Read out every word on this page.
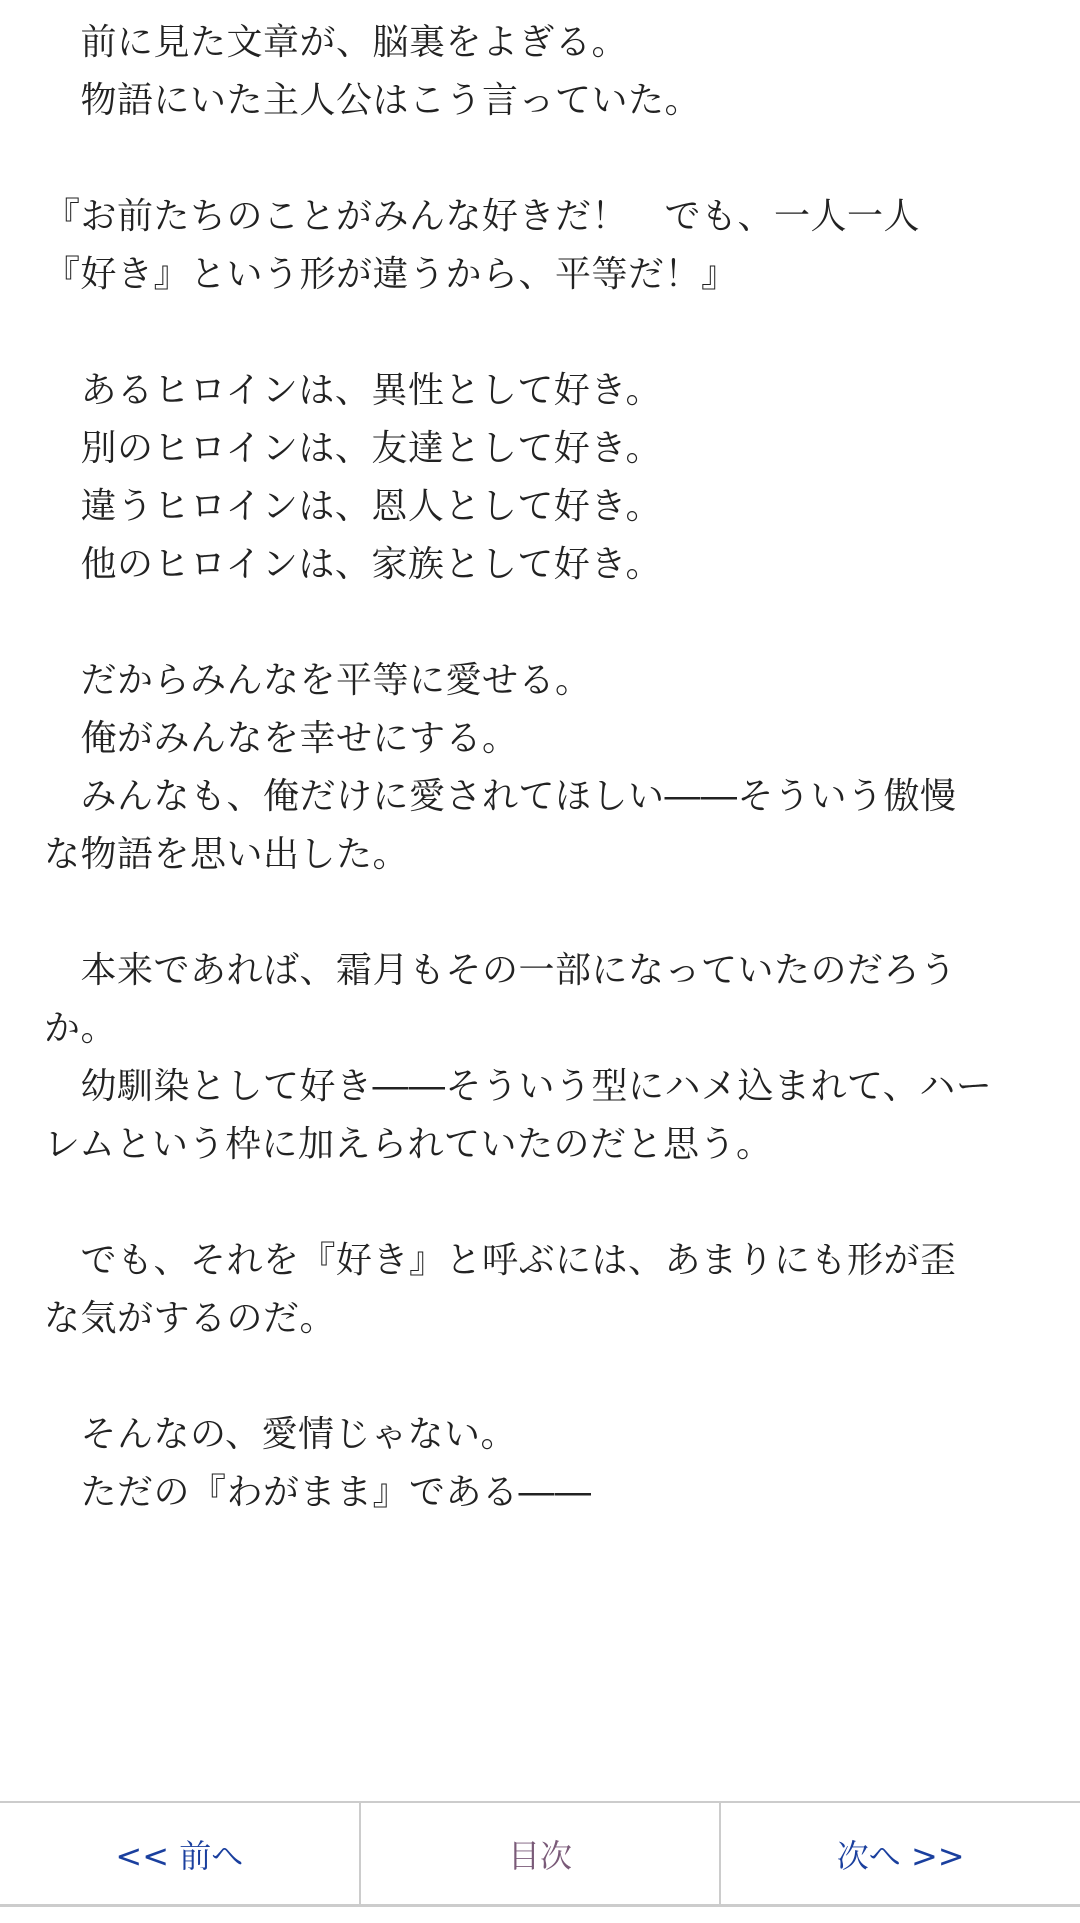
　前に見た文章が、脳裏をよぎる。
　物語にいた主人公はこう言っていた。
『お前たちのことがみんな好きだ！　でも、一人一人
『好き』という形が違うから、平等だ！』
　あるヒロインは、異性として好き。
　別のヒロインは、友達として好き。
　違うヒロインは、恩人として好き。
　他のヒロインは、家族として好き。
　だからみんなを平等に愛せる。
　俺がみんなを幸せにする。
　みんなも、俺だけに愛されてほしい――そういう傲慢
な物語を思い出した。
　本来であれば、霜月もその一部になっていたのだろう
か。
　幼馴染として好き――そういう型にハメ込まれて、ハー
レムという枠に加えられていたのだと思う。
　でも、それを『好き』と呼ぶには、あまりにも形が歪
な気がするのだ。
　そんなの、愛情じゃない。
　ただの『わがまま』である――
<< 前へ	目次	次へ >>
